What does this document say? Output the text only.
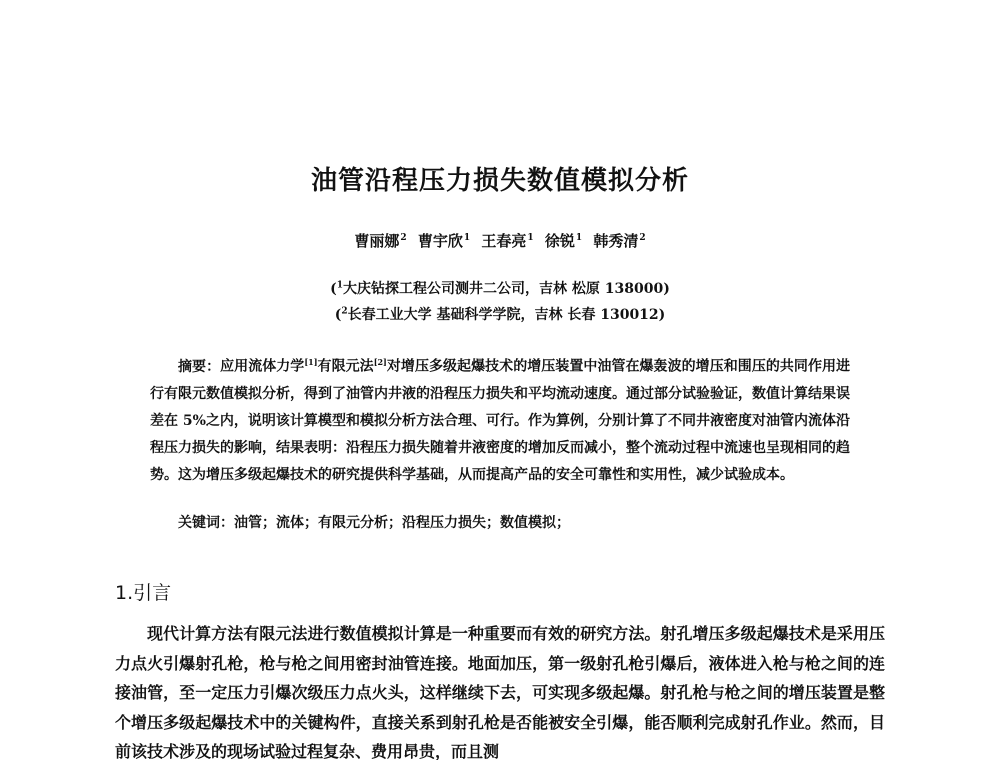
油管沿程压力损失数值模拟分析
曹丽娜$^2$ 曹宇欣$^1$ 王春亮$^1$ 徐锐$^1$ 韩秀清$^2$
($^1$大庆钻探工程公司测井二公司，吉林 松原 138000)
($^2$长春工业大学 基础科学学院，吉林 长春 130012)
摘要：应用流体力学[1]有限元法[2]对增压多级起爆技术的增压装置中油管在爆轰波的增压和围压的共同作用进行有限元数值模拟分析，得到了油管内井液的沿程压力损失和平均流动速度。通过部分试验验证，数值计算结果误差在 5%之内，说明该计算模型和模拟分析方法合理、可行。作为算例，分别计算了不同井液密度对油管内流体沿程压力损失的影响，结果表明：沿程压力损失随着井液密度的增加反而减小，整个流动过程中流速也呈现相同的趋势。这为增压多级起爆技术的研究提供科学基础，从而提高产品的安全可靠性和实用性，减少试验成本。
关键词：油管；流体；有限元分析；沿程压力损失；数值模拟；
1.引言
现代计算方法有限元法进行数值模拟计算是一种重要而有效的研究方法。射孔增压多级起爆技术是采用压力点火引爆射孔枪，枪与枪之间用密封油管连接。地面加压，第一级射孔枪引爆后，液体进入枪与枪之间的连接油管，至一定压力引爆次级压力点火头，这样继续下去，可实现多级起爆。射孔枪与枪之间的增压装置是整个增压多级起爆技术中的关键构件，直接关系到射孔枪是否能被安全引爆，能否顺利完成射孔作业。然而，目前该技术涉及的现场试验过程复杂、费用昂贵，而且测
